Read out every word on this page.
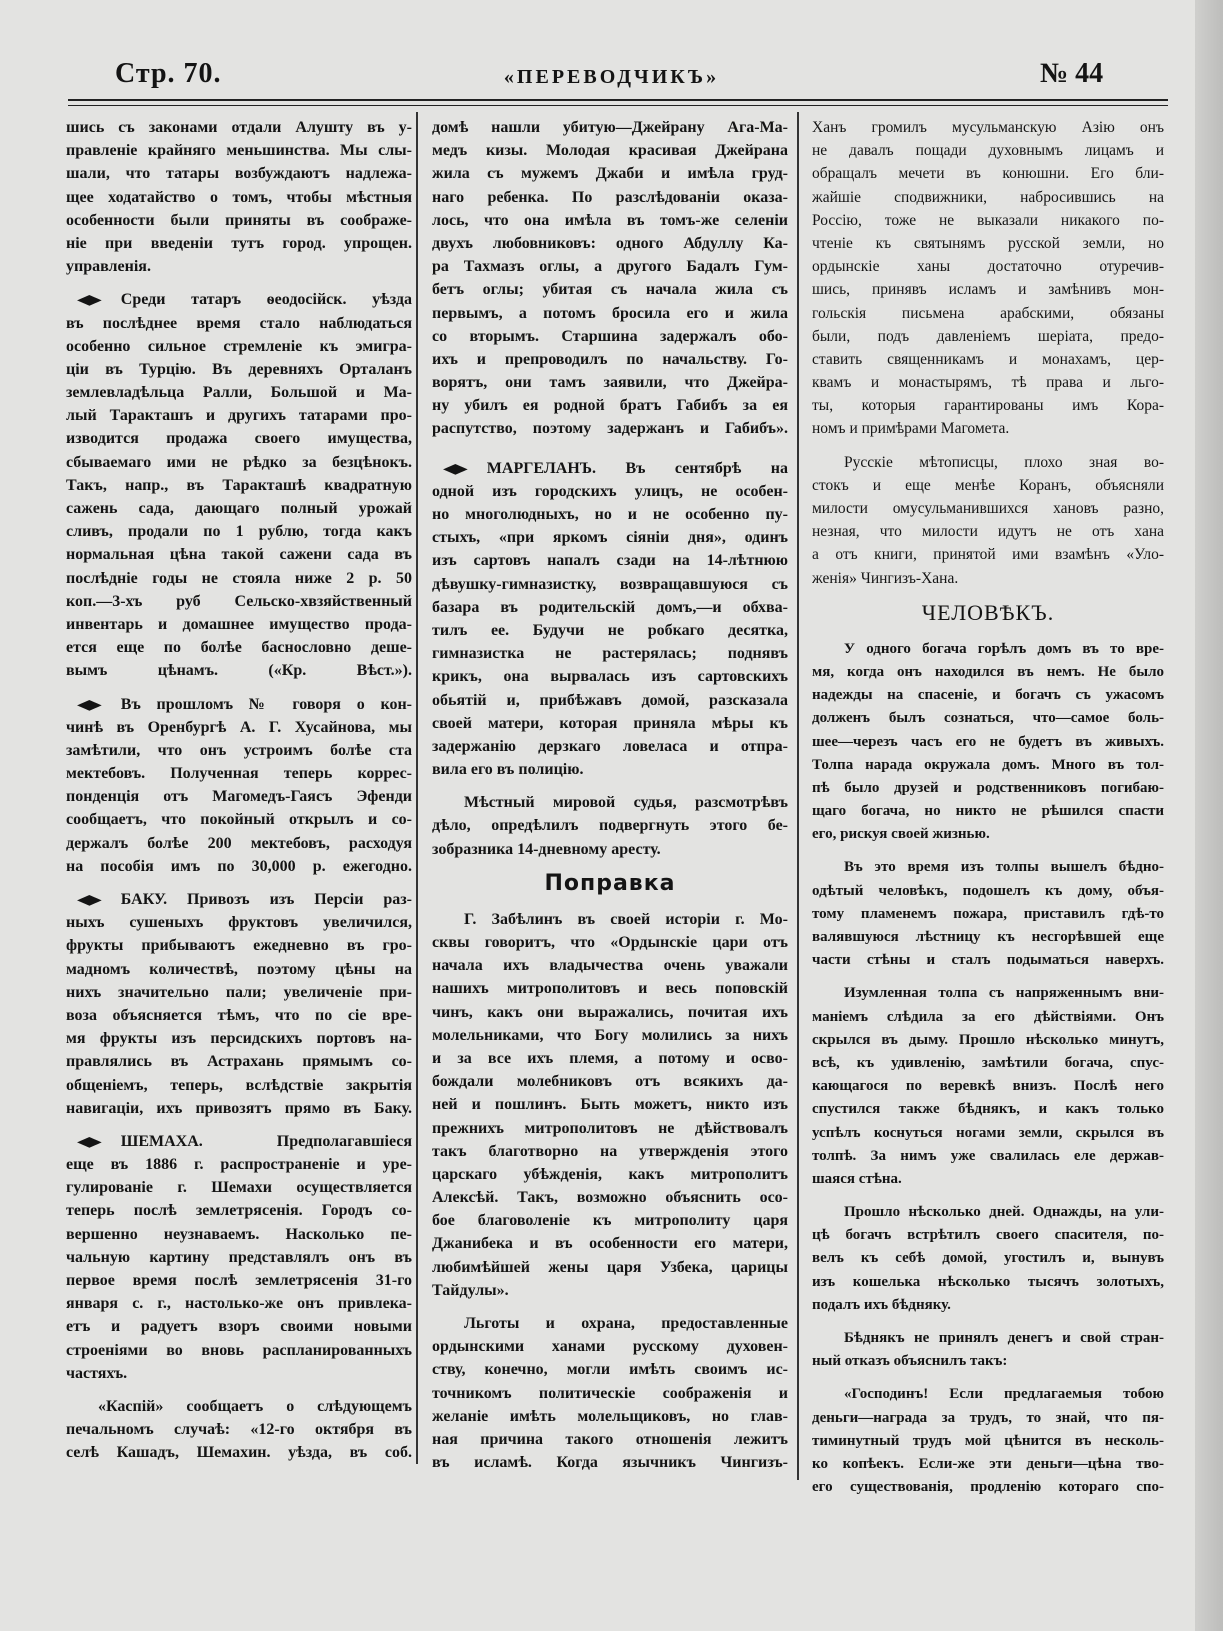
Стр. 70.	«ПЕРЕВОДЧИКЪ»	№ 44
шись съ законами отдали Алушту въ у-
правленіе крайняго меньшинства. Мы слы-
шали, что татары возбуждаютъ надлежа-
щее ходатайство о томъ, чтобы мѣстныя
особенности были приняты въ соображе-
ніе при введеніи тутъ город. упрощен.
управленія.
◆ Среди татаръ ѳеодосійск. уѣзда
въ послѣднее время стало наблюдаться
особенно сильное стремленіе къ эмигра-
ціи въ Турцію. Въ деревняхъ Орталанъ
землевладѣльца Ралли, Большой и Ма-
лый Таракташъ и другихъ татарами про-
изводится продажа своего имущества,
сбываемаго ими не рѣдко за безцѣнокъ.
Такъ, напр., въ Таракташѣ квадратную
сажень сада, дающаго полный урожай
сливъ, продали по 1 рублю, тогда какъ
нормальная цѣна такой сажени сада въ
послѣдніе годы не стояла ниже 2 р. 50
коп.—3-хъ руб Сельско-хвзяйственный
инвентарь и домашнее имущество прода-
ется еще по болѣе баснословно деше-
вымъ цѣнамъ. («Кр. Вѣст.»).
◆ Въ прошломъ № говоря о кон-
чинѣ въ Оренбургѣ А. Г. Хусайнова, мы
замѣтили, что онъ устроимъ болѣе ста
мектебовъ. Полученная теперь коррес-
понденція отъ Магомедъ-Гаясъ Эфенди
сообщаетъ, что покойный открылъ и со-
держалъ болѣе 200 мектебовъ, расходуя
на пособія имъ по 30,000 р. ежегодно.
◆ БАКУ. Привозъ изъ Персіи раз-
ныхъ сушеныхъ фруктовъ увеличился,
фрукты прибываютъ ежедневно въ гро-
мадномъ количествѣ, поэтому цѣны на
нихъ значительно пали; увеличеніе при-
воза объясняется тѣмъ, что по сіе вре-
мя фрукты изъ персидскихъ портовъ на-
правлялись въ Астрахань прямымъ со-
общеніемъ, теперь, вслѣдствіе закрытія
навигаціи, ихъ привозятъ прямо въ Баку.
◆ ШЕМАХА. Предполагавшіеся
еще въ 1886 г. распространеніе и уре-
гулированіе г. Шемахи осуществляется
теперь послѣ землетрясенія. Городъ со-
вершенно неузнаваемъ. Насколько пе-
чальную картину представлялъ онъ въ
первое время послѣ землетрясенія 31-го
января с. г., настолько-же онъ привлека-
етъ и радуетъ взоръ своими новыми
строеніями во вновь распланированныхъ
частяхъ.
«Каспій» сообщаетъ о слѣдующемъ
печальномъ случаѣ: «12-го октября въ
селѣ Кашадъ, Шемахин. уѣзда, въ соб.
домѣ нашли убитую—Джейрану Ага-Ма-
медъ кизы. Молодая красивая Джейрана
жила съ мужемъ Джаби и имѣла груд-
наго ребенка. По разслѣдованіи оказа-
лось, что она имѣла въ томъ-же селеніи
двухъ любовниковъ: одного Абдуллу Ка-
ра Тахмазъ оглы, а другого Бадалъ Гум-
бетъ оглы; убитая съ начала жила съ
первымъ, а потомъ бросила его и жила
со вторымъ. Старшина задержалъ обо-
ихъ и препроводилъ по начальству. Го-
ворятъ, они тамъ заявили, что Джейра-
ну убилъ ея родной братъ Габибъ за ея
распутство, поэтому задержанъ и Габибъ».
◆ МАРГЕЛАНЪ. Въ сентябрѣ на
одной изъ городскихъ улицъ, не особен-
но многолюдныхъ, но и не особенно пу-
стыхъ, «при яркомъ сіяніи дня», одинъ
изъ сартовъ напалъ сзади на 14-лѣтнюю
дѣвушку-гимназистку, возвращавшуюся съ
базара въ родительскій домъ,—и обхва-
тилъ ее. Будучи не робкаго десятка,
гимназистка не растерялась; поднявъ
крикъ, она вырвалась изъ сартовскихъ
обьятій и, прибѣжавъ домой, разсказала
своей матери, которая приняла мѣры къ
задержанію дерзкаго ловеласа и отпра-
вила его въ полицію.
Мѣстный мировой судья, разсмотрѣвъ
дѣло, опредѣлилъ подвергнуть этого бе-
зобразника 14-дневному аресту.
Поправка
Г. Забѣлинъ въ своей исторіи г. Мо-
сквы говоритъ, что «Ордынскіе цари отъ
начала ихъ владычества очень уважали
нашихъ митрополитовъ и весь поповскій
чинъ, какъ они выражались, почитая ихъ
молельниками, что Богу молились за нихъ
и за все ихъ племя, а потому и осво-
бождали молебниковъ отъ всякихъ да-
ней и пошлинъ. Быть можетъ, никто изъ
прежнихъ митрополитовъ не дѣйствовалъ
такъ благотворно на утвержденія этого
царскаго убѣжденія, какъ митрополитъ
Алексѣй. Такъ, возможно объяснить осо-
бое благоволеніе къ митрополиту царя
Джанибека и въ особенности его матери,
любимѣйшей жены царя Узбека, царицы
Тайдулы».
Льготы и охрана, предоставленные
ордынскими ханами русскому духовен-
ству, конечно, могли имѣть своимъ ис-
точникомъ политическіе соображенія и
желаніе имѣть молельщиковъ, но глав-
ная причина такого отношенія лежитъ
въ исламѣ. Когда язычникъ Чингизъ-
Ханъ громилъ мусульманскую Азію онъ
не давалъ пощади духовнымъ лицамъ и
обращалъ мечети въ конюшни. Его бли-
жайшіе сподвижники, набросившись на
Россію, тоже не выказали никакого по-
чтеніе къ святынямъ русской земли, но
ордынскіе ханы достаточно отуречив-
шись, принявъ исламъ и замѣнивъ мон-
гольскія письмена арабскими, обязаны
были, подъ давленіемъ шеріата, предо-
ставить священникамъ и монахамъ, цер-
квамъ и монастырямъ, тѣ права и льго-
ты, которыя гарантированы имъ Кора-
номъ и примѣрами Магомета.
Русскіе мѣтописцы, плохо зная во-
стокъ и еще менѣе Коранъ, объясняли
милости омусульманившихся хановъ разно,
незная, что милости идутъ не отъ хана
а отъ книги, принятой ими взамѣнъ «Уло-
женія» Чингизъ-Хана.
ЧЕЛОВѢКЪ.
У одного богача горѣлъ домъ въ то вре-
мя, когда онъ находился въ немъ. Не было
надежды на спасеніе, и богачъ съ ужасомъ
долженъ былъ сознаться, что—самое боль-
шее—черезъ часъ его не будетъ въ живыхъ.
Толпа нарада окружала домъ. Много въ тол-
пѣ было друзей и родственниковъ погибаю-
щаго богача, но никто не рѣшился спасти
его, рискуя своей жизнью.
Въ это время изъ толпы вышелъ бѣдно-
одѣтый человѣкъ, подошелъ къ дому, объя-
тому пламенемъ пожара, приставилъ гдѣ-то
валявшуюся лѣстницу къ несгорѣвшей еще
части стѣны и сталъ подыматься наверхъ.
Изумленная толпа съ напряженнымъ вни-
маніемъ слѣдила за его дѣйствіями. Онъ
скрылся въ дыму. Прошло нѣсколько минутъ,
всѣ, къ удивленію, замѣтили богача, спус-
кающагося по веревкѣ внизъ. Послѣ него
спустился также бѣднякъ, и какъ только
успѣлъ коснуться ногами земли, скрылся въ
толпѣ. За нимъ уже свалилась еле держав-
шаяся стѣна.
Прошло нѣсколько дней. Однажды, на ули-
цѣ богачъ встрѣтилъ своего спасителя, по-
велъ къ себѣ домой, угостилъ и, вынувъ
изъ кошелька нѣсколько тысячъ золотыхъ,
подалъ ихъ бѣдняку.
Бѣднякъ не принялъ денегъ и свой стран-
ный отказъ объяснилъ такъ:
«Господинъ! Если предлагаемыя тобою
деньги—награда за трудъ, то знай, что пя-
тиминутный трудъ мой цѣнится въ несколь-
ко копѣекъ. Если-же эти деньги—цѣна тво-
его существованія, продленію котораго спо-
